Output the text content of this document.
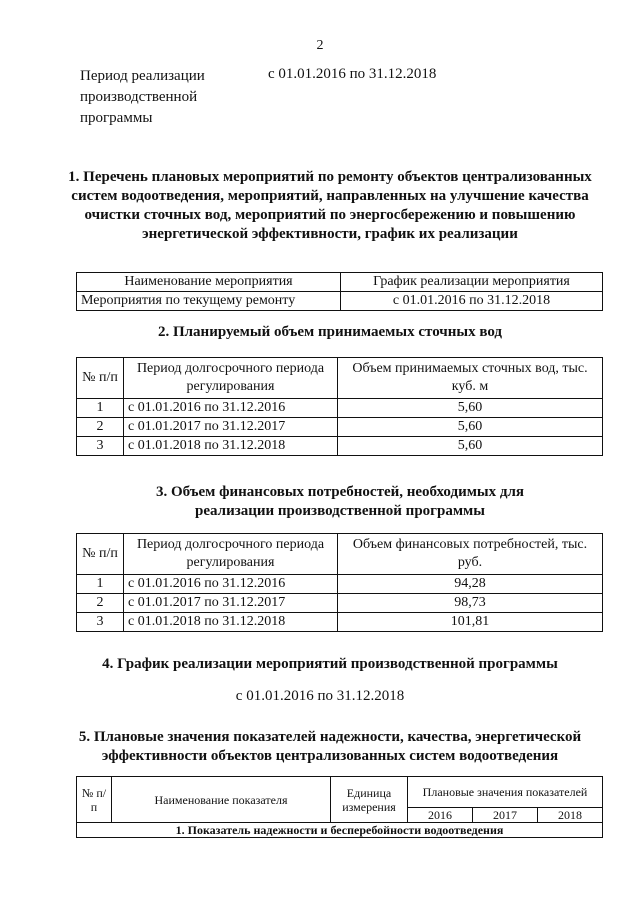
2
Период реализации производственной программы
с 01.01.2016 по 31.12.2018
1. Перечень плановых мероприятий по ремонту объектов централизованных систем водоотведения, мероприятий, направленных на улучшение качества очистки сточных вод, мероприятий по энергосбережению и повышению энергетической эффективности, график их реализации
Наименование мероприятия	График реализации мероприятия
Мероприятия по текущему ремонту	с 01.01.2016 по 31.12.2018
2. Планируемый объем принимаемых сточных вод
№ п/п	Период долгосрочного периода регулирования	Объем принимаемых сточных вод, тыс. куб. м
1	с 01.01.2016 по 31.12.2016	5,60
2	с 01.01.2017 по 31.12.2017	5,60
3	с 01.01.2018 по 31.12.2018	5,60
3. Объем финансовых потребностей, необходимых для реализации производственной программы
№ п/п	Период долгосрочного периода регулирования	Объем финансовых потребностей, тыс. руб.
1	с 01.01.2016 по 31.12.2016	94,28
2	с 01.01.2017 по 31.12.2017	98,73
3	с 01.01.2018 по 31.12.2018	101,81
4. График реализации мероприятий производственной программы
с 01.01.2016 по 31.12.2018
5. Плановые значения показателей надежности, качества, энергетической эффективности объектов централизованных систем водоотведения
№ п/п	Наименование показателя	Единица измерения	Плановые значения показателей		
			2016	2017	2018
1. Показатель надежности и бесперебойности водоотведения					
